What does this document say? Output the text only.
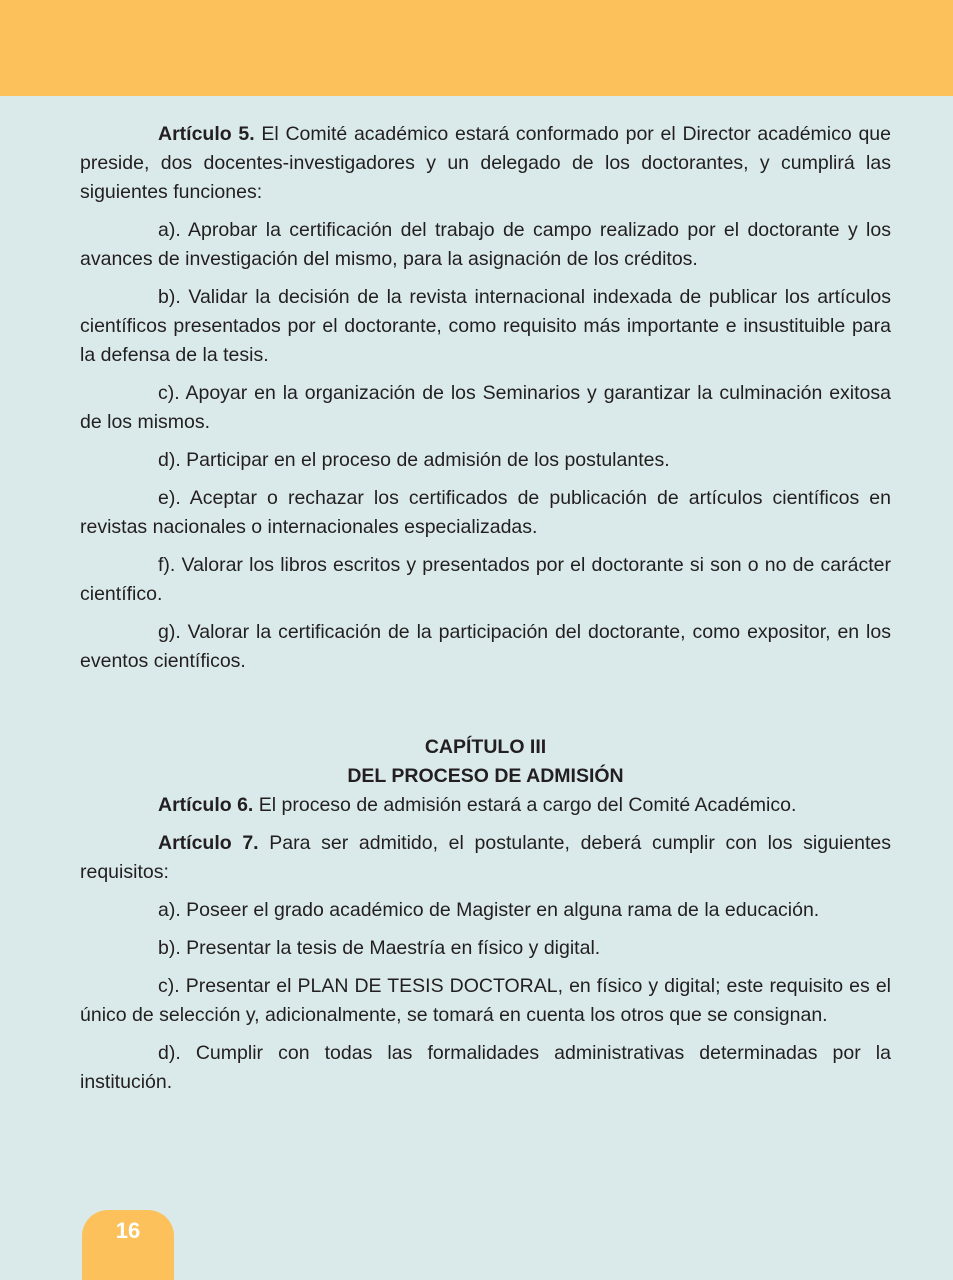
Artículo 5. El Comité académico estará conformado por el Director académico que preside, dos docentes-investigadores y un delegado de los doctorantes, y cumplirá las siguientes funciones:

a). Aprobar la certificación del trabajo de campo realizado por el doctorante y los avances de investigación del mismo, para la asignación de los créditos.

b). Validar la decisión de la revista internacional indexada de publicar los artículos científicos presentados por el doctorante, como requisito más importante e insustituible para la defensa de la tesis.

c). Apoyar en la organización de los Seminarios y garantizar la culminación exitosa de los mismos.

d). Participar en el proceso de admisión de los postulantes.

e). Aceptar o rechazar los certificados de publicación de artículos científicos en revistas nacionales o internacionales especializadas.

f). Valorar los libros escritos y presentados por el doctorante si son o no de carácter científico.

g). Valorar la certificación de la participación del doctorante, como expositor, en los eventos científicos.

CAPÍTULO III
DEL PROCESO DE ADMISIÓN

Artículo 6. El proceso de admisión estará a cargo del Comité Académico.

Artículo 7. Para ser admitido, el postulante, deberá cumplir con los siguientes requisitos:

a). Poseer el grado académico de Magister en alguna rama de la educación.

b). Presentar la tesis de Maestría en físico y digital.

c). Presentar el PLAN DE TESIS DOCTORAL, en físico y digital; este requisito es el único de selección y, adicionalmente, se tomará en cuenta los otros que se consignan.

d). Cumplir con todas las formalidades administrativas determinadas por la institución.

16
